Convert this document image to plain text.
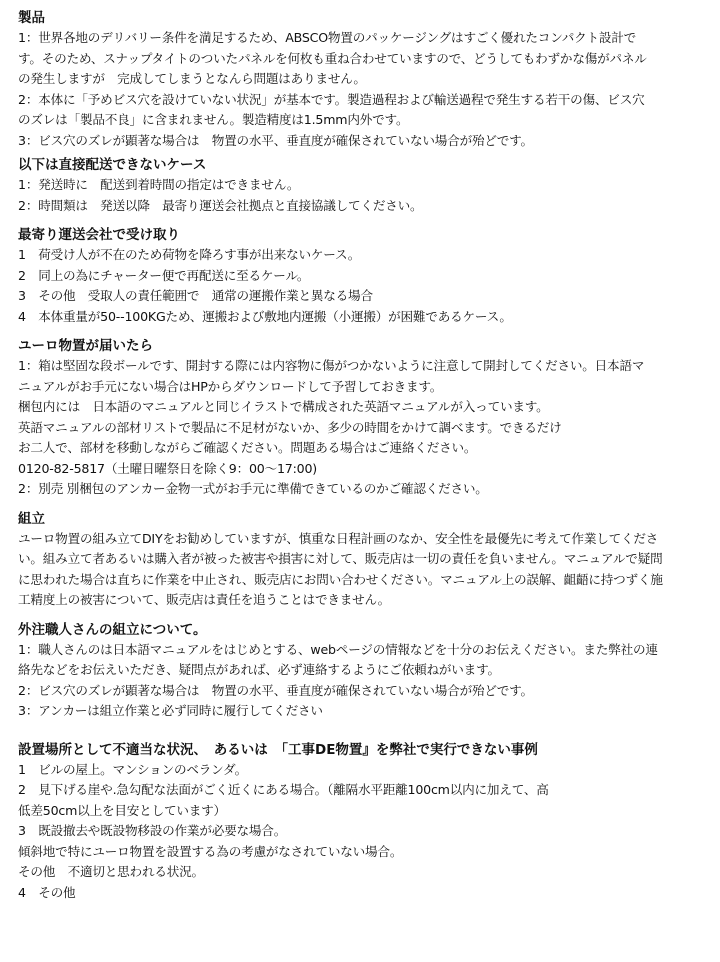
製品

1：世界各地のデリバリー条件を満足するため、ABSCO物置のパッケージングはすごく優れたコンパクト設計で

す。そのため、スナップタイトのついたパネルを何枚も重ね合わせていますので、どうしてもわずかな傷がパネル

の発生しますが　完成してしまうとなんら問題はありません。

2：本体に「予めビス穴を設けていない状況」が基本です。製造過程および輸送過程で発生する若干の傷、ビス穴

のズレは「製品不良」に含まれません。製造精度は1.5mm内外です。

3：ビス穴のズレが顕著な場合は　物置の水平、垂直度が確保されていない場合が殆どです。

以下は直接配送できないケース

1：発送時に　配送到着時間の指定はできません。

2：時間類は　発送以降　最寄り運送会社拠点と直接協議してください。

最寄り運送会社で受け取り

1　荷受け人が不在のため荷物を降ろす事が出来ないケース。

2　同上の為にチャーター便で再配送に至るケール。

3　その他　受取人の責任範囲で　通常の運搬作業と異なる場合

4　本体重量が50--100KGため、運搬および敷地内運搬（小運搬）が困難であるケース。

ユーロ物置が届いたら

1：箱は堅固な段ボールです、開封する際には内容物に傷がつかないように注意して開封してください。日本語マ

ニュアルがお手元にない場合はHPからダウンロードして予習しておきます。

梱包内には　日本語のマニュアルと同じイラストで構成された英語マニュアルが入っています。

英語マニュアルの部材リストで製品に不足材がないか、多少の時間をかけて調べます。できるだけ

お二人で、部材を移動しながらご確認ください。問題ある場合はご連絡ください。

0120-82-5817（土曜日曜祭日を除く9：00〜17:00)

2：別売 別梱包のアンカー金物一式がお手元に準備できているのかご確認ください。

組立

ユーロ物置の組み立てDIYをお勧めしていますが、慎重な日程計画のなか、安全性を最優先に考えて作業してくださ

い。組み立て者あるいは購入者が被った被害や損害に対して、販売店は一切の責任を負いません。マニュアルで疑問

に思われた場合は直ちに作業を中止され、販売店にお問い合わせください。マニュアル上の誤解、齟齬に持つずく施

工精度上の被害について、販売店は責任を追うことはできません。

外注職人さんの組立について。

1：職人さんのは日本語マニュアルをはじめとする、webページの情報などを十分のお伝えください。また弊社の連

絡先などをお伝えいただき、疑問点があれば、必ず連絡するようにご依頼ねがいます。

2：ビス穴のズレが顕著な場合は　物置の水平、垂直度が確保されていない場合が殆どです。

3：アンカーは組立作業と必ず同時に履行してください

設置場所として不適当な状況、　あるいは　「工事DE物置』を弊社で実行できない事例

1　ビルの屋上。マンションのベランダ。

2　見下げる崖や.急勾配な法面がごく近くにある場合。（離隔水平距離100cm以内に加えて、高

低差50cm以上を目安としています）

3　既設撤去や既設物移設の作業が必要な場合。

傾斜地で特にユーロ物置を設置する為の考慮がなされていない場合。

その他　不適切と思われる状況。

4　その他
